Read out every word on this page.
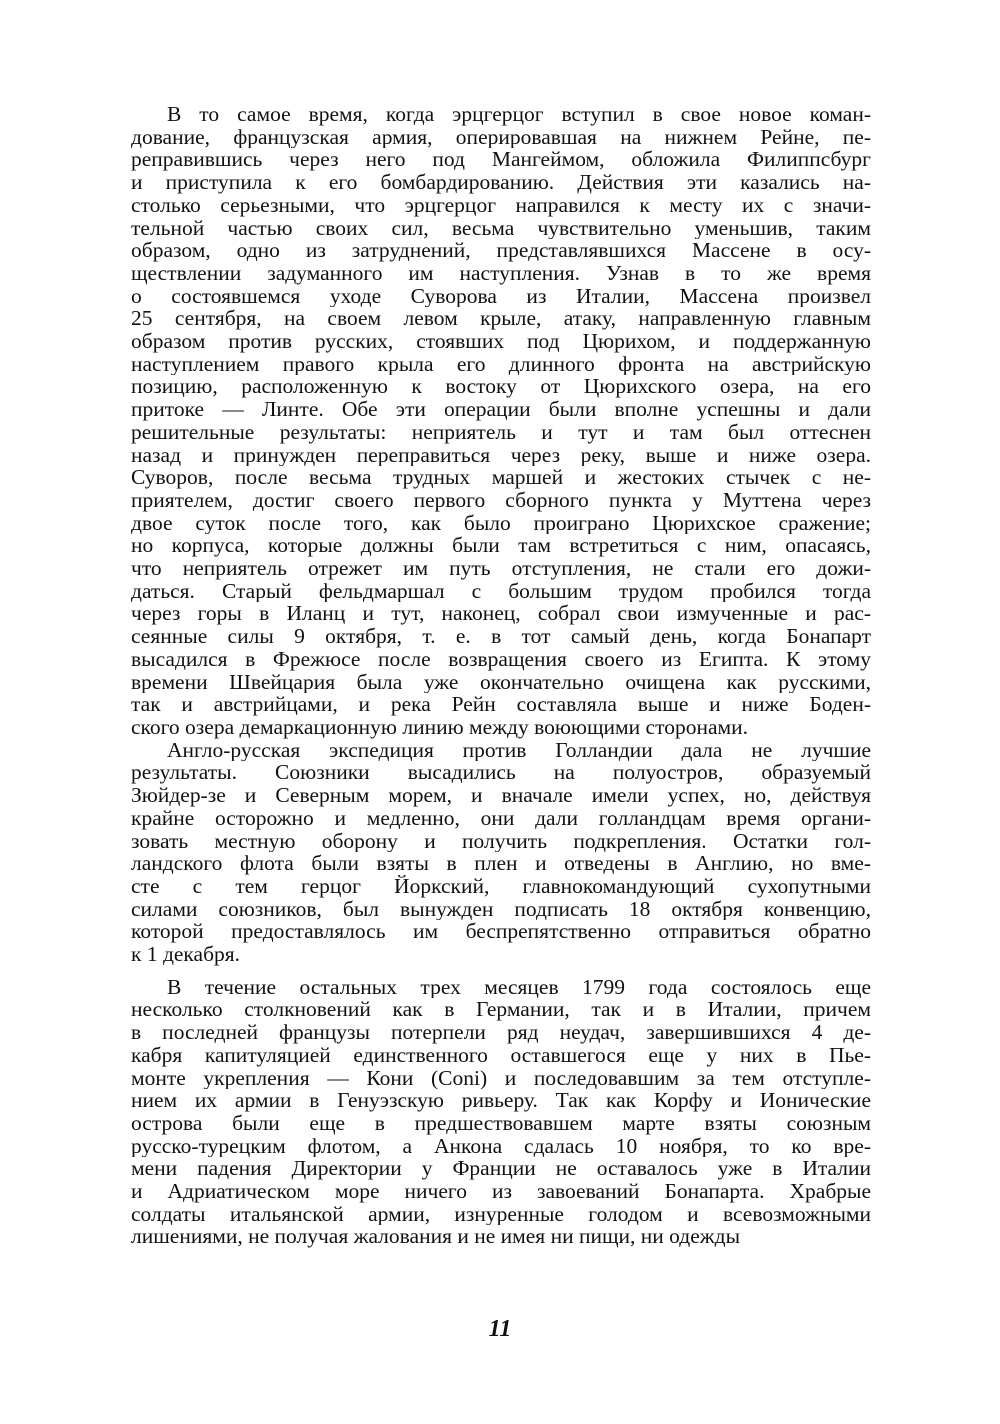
В то самое время, когда эрцгерцог вступил в свое новое коман-
дование, французская армия, оперировавшая на нижнем Рейне, пе-
реправившись через него под Мангеймом, обложила Филиппсбург
и приступила к его бомбардированию. Действия эти казались на-
столько серьезными, что эрцгерцог направился к месту их с значи-
тельной частью своих сил, весьма чувствительно уменьшив, таким
образом, одно из затруднений, представлявшихся Массене в осу-
ществлении задуманного им наступления. Узнав в то же время
о состоявшемся уходе Суворова из Италии, Массена произвел
25 сентября, на своем левом крыле, атаку, направленную главным
образом против русских, стоявших под Цюрихом, и поддержанную
наступлением правого крыла его длинного фронта на австрийскую
позицию, расположенную к востоку от Цюрихского озера, на его
притоке — Линте. Обе эти операции были вполне успешны и дали
решительные результаты: неприятель и тут и там был оттеснен
назад и принужден переправиться через реку, выше и ниже озера.
Суворов, после весьма трудных маршей и жестоких стычек с не-
приятелем, достиг своего первого сборного пункта у Муттена через
двое суток после того, как было проиграно Цюрихское сражение;
но корпуса, которые должны были там встретиться с ним, опасаясь,
что неприятель отрежет им путь отступления, не стали его дожи-
даться. Старый фельдмаршал с большим трудом пробился тогда
через горы в Иланц и тут, наконец, собрал свои измученные и рас-
сеянные силы 9 октября, т. е. в тот самый день, когда Бонапарт
высадился в Фрежюсе после возвращения своего из Египта. К этому
времени Швейцария была уже окончательно очищена как русскими,
так и австрийцами, и река Рейн составляла выше и ниже Боден-
ского озера демаркационную линию между воюющими сторонами.
Англо-русская экспедиция против Голландии дала не лучшие
результаты. Союзники высадились на полуостров, образуемый
Зюйдер-зе и Северным морем, и вначале имели успех, но, действуя
крайне осторожно и медленно, они дали голландцам время органи-
зовать местную оборону и получить подкрепления. Остатки гол-
ландского флота были взяты в плен и отведены в Англию, но вме-
сте с тем герцог Йоркский, главнокомандующий сухопутными
силами союзников, был вынужден подписать 18 октября конвенцию,
которой предоставлялось им беспрепятственно отправиться обратно
к 1 декабря.
В течение остальных трех месяцев 1799 года состоялось еще
несколько столкновений как в Германии, так и в Италии, причем
в последней французы потерпели ряд неудач, завершившихся 4 де-
кабря капитуляцией единственного оставшегося еще у них в Пье-
монте укрепления — Кони (Coni) и последовавшим за тем отступле-
нием их армии в Генуэзскую ривьеру. Так как Корфу и Ионические
острова были еще в предшествовавшем марте взяты союзным
русско-турецким флотом, а Анкона сдалась 10 ноября, то ко вре-
мени падения Директории у Франции не оставалось уже в Италии
и Адриатическом море ничего из завоеваний Бонапарта. Храбрые
солдаты итальянской армии, изнуренные голодом и всевозможными
лишениями, не получая жалования и не имея ни пищи, ни одежды
11
